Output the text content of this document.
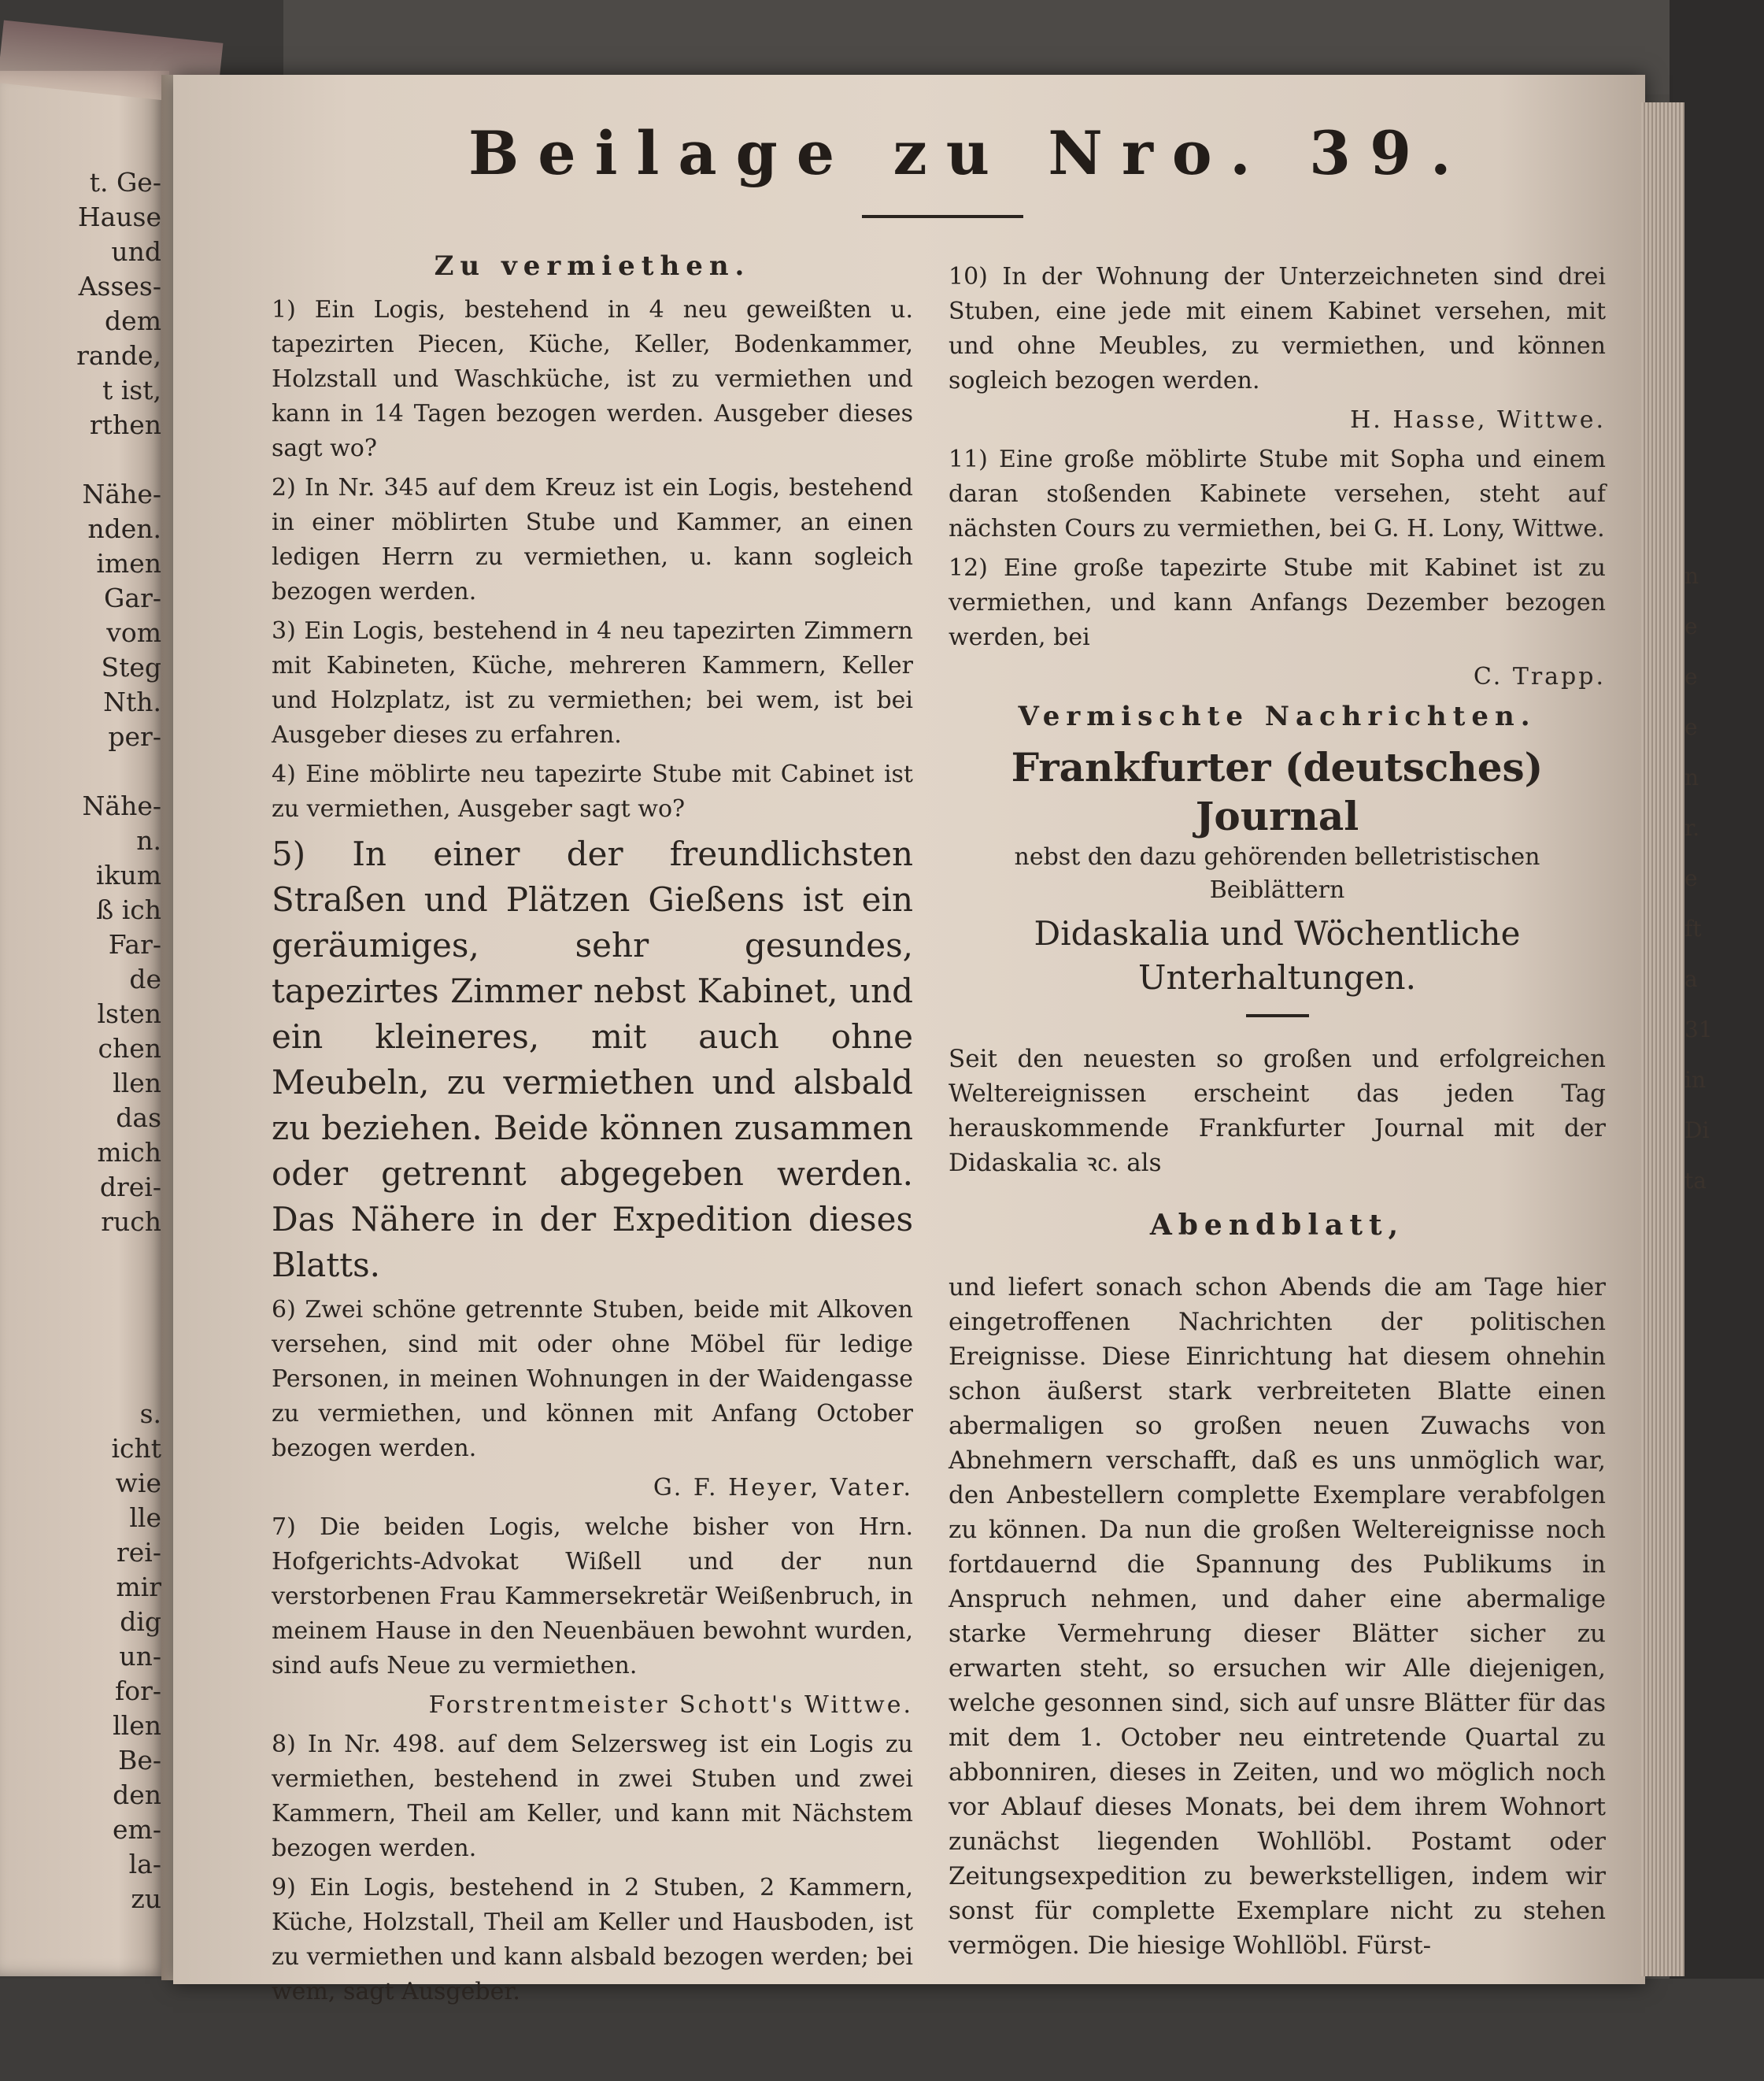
t. Ge-
Hause
und
Asses-
dem
rande,
t ist,
rthen

Nähe-
nden.
imen
Gar-
vom
Steg
Nth.
per-

Nähe-
n.
ikum
ß ich
Far-
de
lsten
chen
llen
das
mich
drei-
ruch
s.
icht
wie
lle
rei-
mir
dig
un-
for-
llen
Be-
den
em-
la-
zu
n
e
e
e
n
r.
e
ft
a
31
in
Di
ta
Beilage zu Nro. 39.
Zu vermiethen.

1) Ein Logis, bestehend in 4 neu geweißten u. tapezirten Piecen, Küche, Keller, Bodenkammer, Holzstall und Waschküche, ist zu vermiethen und kann in 14 Tagen bezogen werden. Ausgeber dieses sagt wo?

2) In Nr. 345 auf dem Kreuz ist ein Logis, bestehend in einer möblirten Stube und Kammer, an einen ledigen Herrn zu vermiethen, u. kann sogleich bezogen werden.

3) Ein Logis, bestehend in 4 neu tapezirten Zimmern mit Kabineten, Küche, mehreren Kammern, Keller und Holzplatz, ist zu vermiethen; bei wem, ist bei Ausgeber dieses zu erfahren.

4) Eine möblirte neu tapezirte Stube mit Cabinet ist zu vermiethen, Ausgeber sagt wo?

5) In einer der freundlichsten Straßen und Plätzen Gießens ist ein geräumiges, sehr gesundes, tapezirtes Zimmer nebst Kabinet, und ein kleineres, mit auch ohne Meubeln, zu vermiethen und alsbald zu beziehen. Beide können zusammen oder getrennt abgegeben werden. Das Nähere in der Expedition dieses Blatts.

6) Zwei schöne getrennte Stuben, beide mit Alkoven versehen, sind mit oder ohne Möbel für ledige Personen, in meinen Wohnungen in der Waidengasse zu vermiethen, und können mit Anfang October bezogen werden.

G. F. Heyer, Vater.

7) Die beiden Logis, welche bisher von Hrn. Hofgerichts-Advokat Wißell und der nun verstorbenen Frau Kammersekretär Weißenbruch, in meinem Hause in den Neuenbäuen bewohnt wurden, sind aufs Neue zu vermiethen.

Forstrentmeister Schott's Wittwe.

8) In Nr. 498. auf dem Selzersweg ist ein Logis zu vermiethen, bestehend in zwei Stuben und zwei Kammern, Theil am Keller, und kann mit Nächstem bezogen werden.

9) Ein Logis, bestehend in 2 Stuben, 2 Kammern, Küche, Holzstall, Theil am Keller und Hausboden, ist zu vermiethen und kann alsbald bezogen werden; bei wem, sagt Ausgeber.

10) In der Wohnung der Unterzeichneten sind drei Stuben, eine jede mit einem Kabinet versehen, mit und ohne Meubles, zu vermiethen, und können sogleich bezogen werden.

H. Hasse, Wittwe.

11) Eine große möblirte Stube mit Sopha und einem daran stoßenden Kabinete versehen, steht auf nächsten Cours zu vermiethen, bei G. H. Lony, Wittwe.

12) Eine große tapezirte Stube mit Kabinet ist zu vermiethen, und kann Anfangs Dezember bezogen werden, bei

C. Trapp.
Vermischte Nachrichten.
Frankfurter (deutsches) Journal
nebst den dazu gehörenden belletristischen Beiblättern
Didaskalia und Wöchentliche Unterhaltungen.

Seit den neuesten so großen und erfolgreichen Weltereignissen erscheint das jeden Tag herauskommende Frankfurter Journal mit der Didaskalia ꝛc. als

Abendblatt,

und liefert sonach schon Abends die am Tage hier eingetroffenen Nachrichten der politischen Ereignisse. Diese Einrichtung hat diesem ohnehin schon äußerst stark verbreiteten Blatte einen abermaligen so großen neuen Zuwachs von Abnehmern verschafft, daß es uns unmöglich war, den Anbestellern complette Exemplare verabfolgen zu können. Da nun die großen Weltereignisse noch fortdauernd die Spannung des Publikums in Anspruch nehmen, und daher eine abermalige starke Vermehrung dieser Blätter sicher zu erwarten steht, so ersuchen wir Alle diejenigen, welche gesonnen sind, sich auf unsre Blätter für das mit dem 1. October neu eintretende Quartal zu abbonniren, dieses in Zeiten, und wo möglich noch vor Ablauf dieses Monats, bei dem ihrem Wohnort zunächst liegenden Wohllöbl. Postamt oder Zeitungsexpedition zu bewerkstelligen, indem wir sonst für complette Exemplare nicht zu stehen vermögen. Die hiesige Wohllöbl. Fürst-
